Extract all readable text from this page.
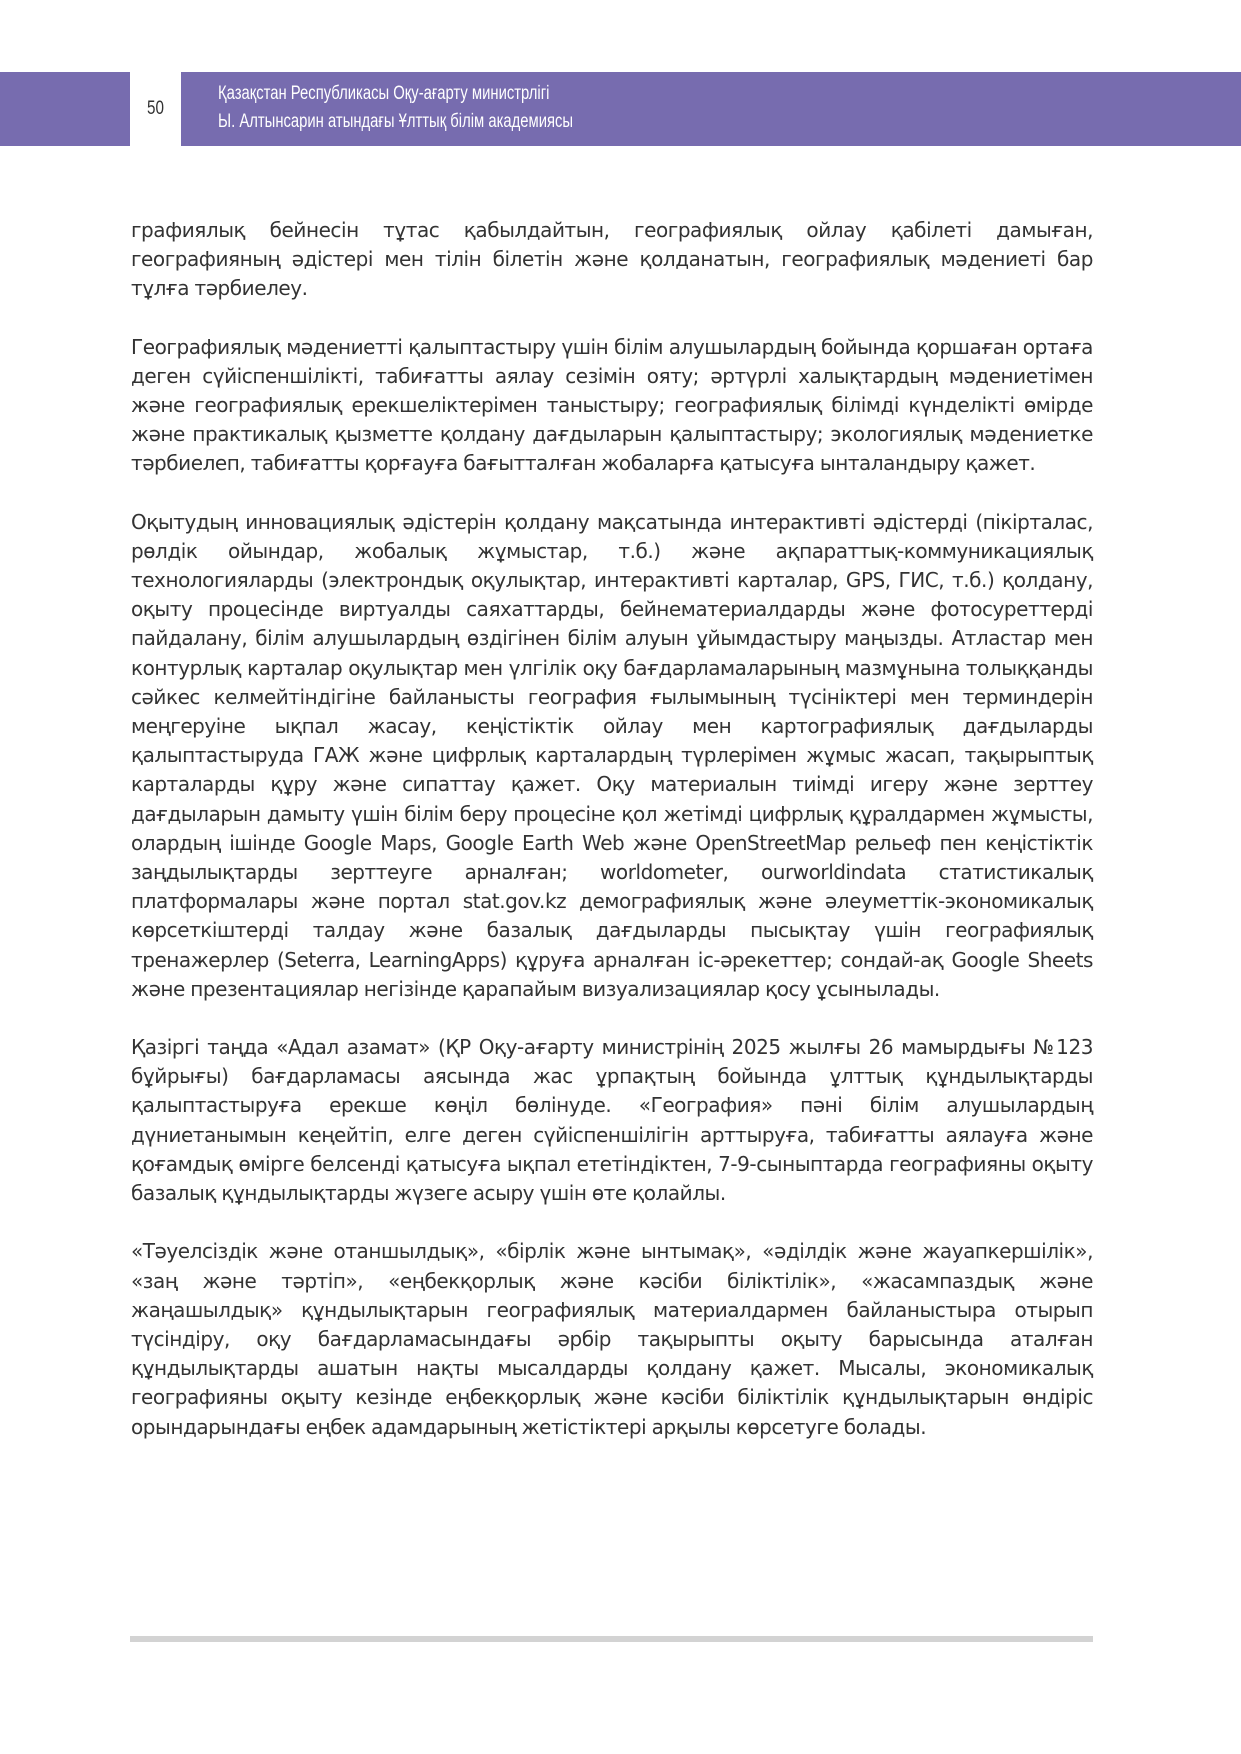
50
Қазақстан Республикасы Оқу-ағарту министрлігі
Ы. Алтынсарин атындағы Ұлттық білім академиясы

графиялық бейнесін тұтас қабылдайтын, географиялық ойлау қабілеті дамыған, географияның әдістері мен тілін білетін және қолданатын, географиялық мәдениеті бар тұлға тәрбиелеу.

Географиялық мәдениетті қалыптастыру үшін білім алушылардың бойында қоршаған ортаға деген сүйіспеншілікті, табиғатты аялау сезімін ояту; әртүрлі халықтардың мәдениетімен және географиялық ерекшеліктерімен таныстыру; географиялық білімді күнделікті өмірде және практикалық қызметте қолдану дағдыларын қалыптастыру; экологиялық мәдениетке тәрбиелеп, табиғатты қорғауға бағытталған жобаларға қатысуға ынталандыру қажет.

Оқытудың инновациялық әдістерін қолдану мақсатында интерактивті әдістерді (пікірталас, рөлдік ойындар, жобалық жұмыстар, т.б.) және ақпараттық-коммуникациялық технологияларды (электрондық оқулықтар, интерактивті карталар, GPS, ГИС, т.б.) қолдану, оқыту процесінде виртуалды саяхаттарды, бейнематериалдарды және фотосуреттерді пайдалану, білім алушылардың өздігінен білім алуын ұйымдастыру маңызды. Атластар мен контурлық карталар оқулықтар мен үлгілік оқу бағдарламаларының мазмұнына толыққанды сәйкес келмейтіндігіне байланысты география ғылымының түсініктері мен терминдерін меңгеруіне ықпал жасау, кеңістіктік ойлау мен картографиялық дағдыларды қалыптастыруда ГАЖ және цифрлық карталардың түрлерімен жұмыс жасап, тақырыптық карталарды құру және сипаттау қажет. Оқу материалын тиімді игеру және зерттеу дағдыларын дамыту үшін білім беру процесіне қол жетімді цифрлық құралдармен жұмысты, олардың ішінде Google Maps, Google Earth Web және OpenStreetMap рельеф пен кеңістіктік заңдылықтарды зерттеуге арналған; worldometer, ourworldindata статистикалық платформалары және портал stat.gov.kz демографиялық және әлеуметтік-экономикалық көрсеткіштерді талдау және базалық дағдыларды пысықтау үшін географиялық тренажерлер (Seterra, LearningApps) құруға арналған іс-әрекеттер; сондай-ақ Google Sheets және презентациялар негізінде қарапайым визуализациялар қосу ұсынылады.

Қазіргі таңда «Адал азамат» (ҚР Оқу-ағарту министрінің 2025 жылғы 26 мамырдығы №123 бұйрығы) бағдарламасы аясында жас ұрпақтың бойында ұлттық құндылықтарды қалыптастыруға ерекше көңіл бөлінуде. «География» пәні білім алушылардың дүниетанымын кеңейтіп, елге деген сүйіспеншілігін арттыруға, табиғатты аялауға және қоғамдық өмірге белсенді қатысуға ықпал ететіндіктен, 7-9-сыныптарда географияны оқыту базалық құндылықтарды жүзеге асыру үшін өте қолайлы.

«Тәуелсіздік және отаншылдық», «бірлік және ынтымақ», «әділдік және жауапкершілік», «заң және тәртіп», «еңбекқорлық және кәсіби біліктілік», «жасампаздық және жаңашылдық» құндылықтарын географиялық материалдармен байланыстыра отырып түсіндіру, оқу бағдарламасындағы әрбір тақырыпты оқыту барысында аталған құндылықтарды ашатын нақты мысалдарды қолдану қажет. Мысалы, экономикалық географияны оқыту кезінде еңбекқорлық және кәсіби біліктілік құндылықтарын өндіріс орындарындағы еңбек адамдарының жетістіктері арқылы көрсетуге болады.
